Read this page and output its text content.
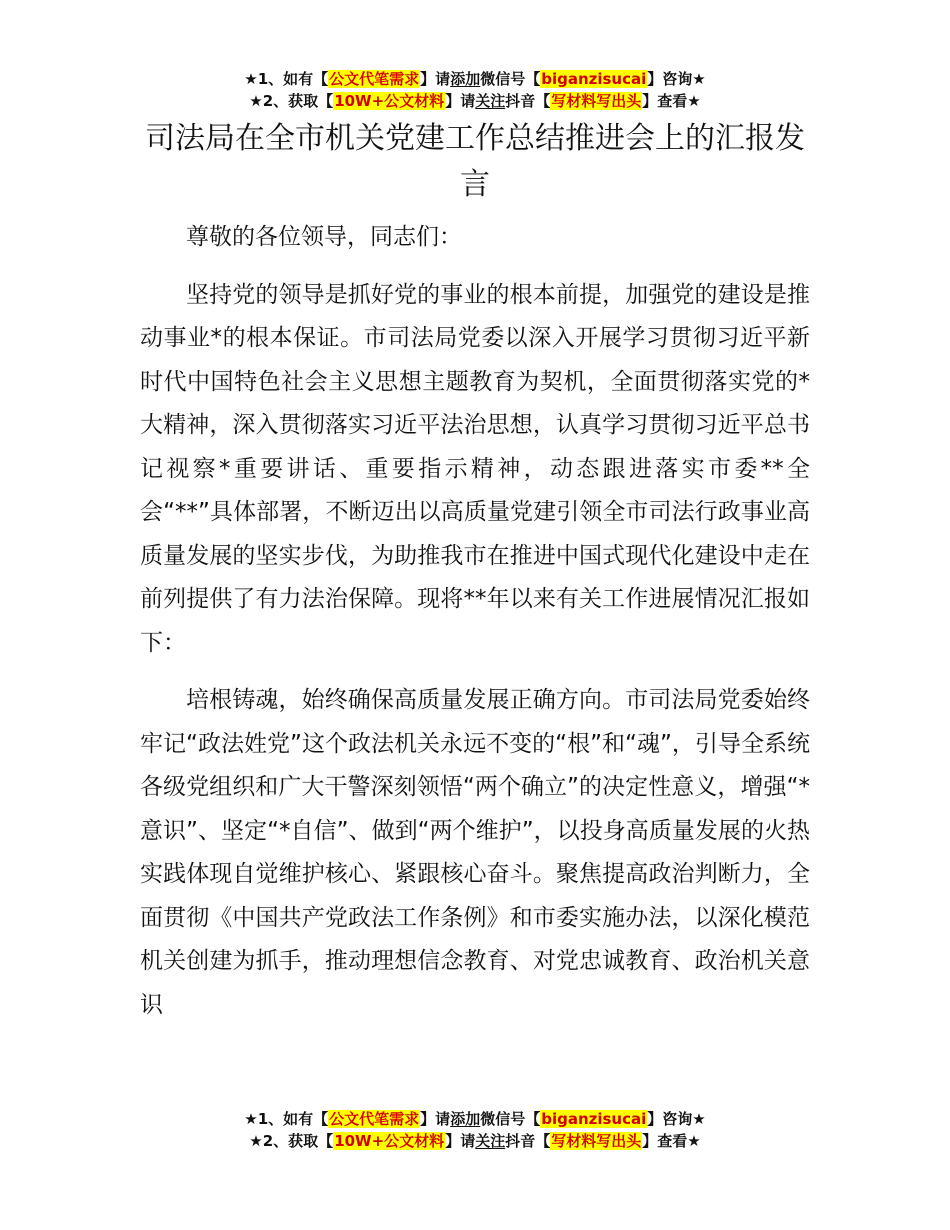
★1、如有【公文代笔需求】请添加微信号【biganzisucai】咨询★
★2、获取【10W+公文材料】请关注抖音【写材料写出头】查看★
司法局在全市机关党建工作总结推进会上的汇报发言

尊敬的各位领导，同志们：

坚持党的领导是抓好党的事业的根本前提，加强党的建设是推动事业*的根本保证。市司法局党委以深入开展学习贯彻习近平新时代中国特色社会主义思想主题教育为契机，全面贯彻落实党的*大精神，深入贯彻落实习近平法治思想，认真学习贯彻习近平总书记视察*重要讲话、重要指示精神，动态跟进落实市委**全会“**”具体部署，不断迈出以高质量党建引领全市司法行政事业高质量发展的坚实步伐，为助推我市在推进中国式现代化建设中走在前列提供了有力法治保障。现将**年以来有关工作进展情况汇报如下：

培根铸魂，始终确保高质量发展正确方向。市司法局党委始终牢记“政法姓党”这个政法机关永远不变的“根”和“魂”，引导全系统各级党组织和广大干警深刻领悟“两个确立”的决定性意义，增强“*意识”、坚定“*自信”、做到“两个维护”，以投身高质量发展的火热实践体现自觉维护核心、紧跟核心奋斗。聚焦提高政治判断力，全面贯彻《中国共产党政法工作条例》和市委实施办法，以深化模范机关创建为抓手，推动理想信念教育、对党忠诚教育、政治机关意识

★1、如有【公文代笔需求】请添加微信号【biganzisucai】咨询★
★2、获取【10W+公文材料】请关注抖音【写材料写出头】查看★
